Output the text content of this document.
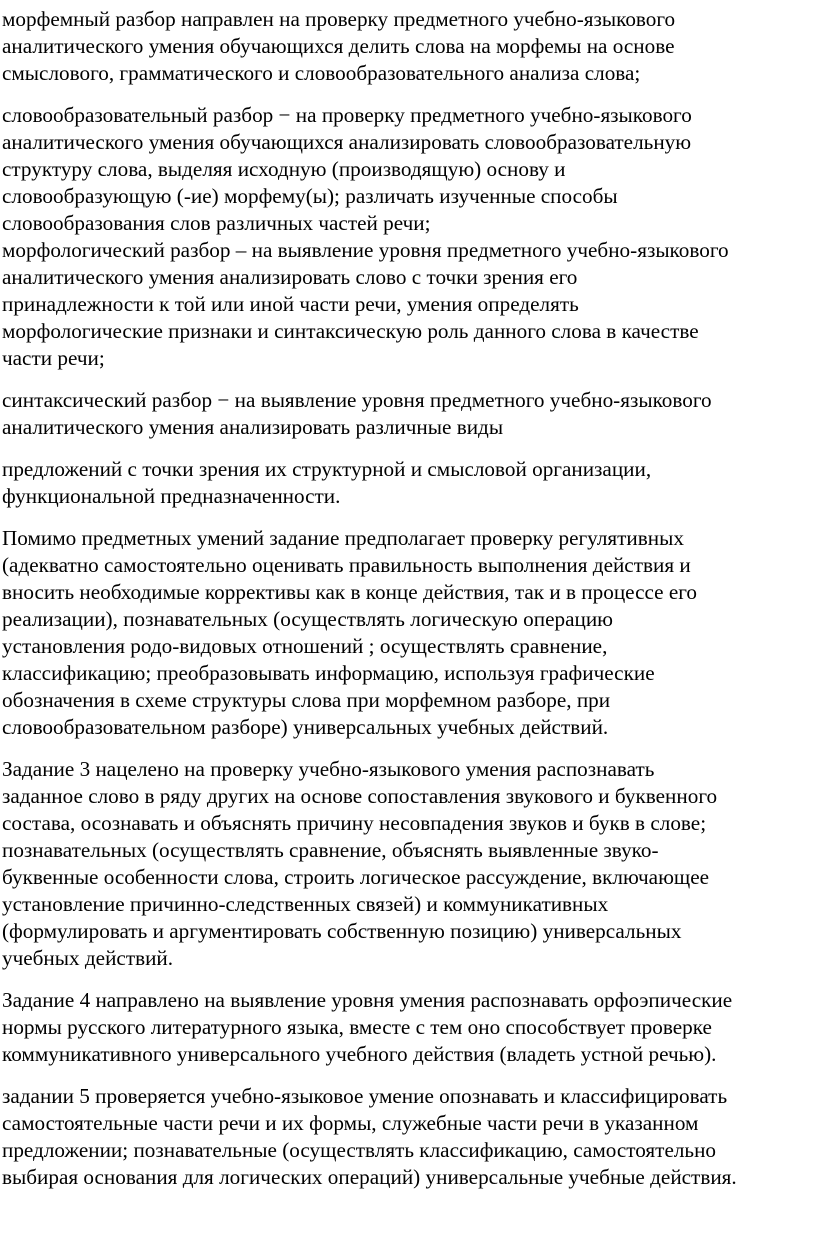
морфемный разбор направлен на проверку предметного учебно-языкового
аналитического умения обучающихся делить слова на морфемы на основе
смыслового, грамматического и словообразовательного анализа слова;

словообразовательный разбор − на проверку предметного учебно-языкового
аналитического умения обучающихся анализировать словообразовательную
структуру слова, выделяя исходную (производящую) основу и
словообразующую (-ие) морфему(ы); различать изученные способы
словообразования слов различных частей речи;

морфологический разбор – на выявление уровня предметного учебно-языкового
аналитического умения анализировать слово с точки зрения его
принадлежности к той или иной части речи, умения определять
морфологические признаки и синтаксическую роль данного слова в качестве
части речи;

синтаксический разбор − на выявление уровня предметного учебно-языкового
аналитического умения анализировать различные виды

предложений с точки зрения их структурной и смысловой организации,
функциональной предназначенности.

Помимо предметных умений задание предполагает проверку регулятивных
(адекватно самостоятельно оценивать правильность выполнения действия и
вносить необходимые коррективы как в конце действия, так и в процессе его
реализации), познавательных (осуществлять логическую операцию
установления родо-видовых отношений ; осуществлять сравнение,
классификацию; преобразовывать информацию, используя графические
обозначения в схеме структуры слова при морфемном разборе, при
словообразовательном разборе) универсальных учебных действий.

Задание 3 нацелено на проверку учебно-языкового умения распознавать
заданное слово в ряду других на основе сопоставления звукового и буквенного
состава, осознавать и объяснять причину несовпадения звуков и букв в слове;
познавательных (осуществлять сравнение, объяснять выявленные звуко-
буквенные особенности слова, строить логическое рассуждение, включающее
установление причинно-следственных связей) и коммуникативных
(формулировать и аргументировать собственную позицию) универсальных
учебных действий.

Задание 4 направлено на выявление уровня умения распознавать орфоэпические
нормы русского литературного языка, вместе с тем оно способствует проверке
коммуникативного универсального учебного действия (владеть устной речью).

задании 5 проверяется учебно-языковое умение опознавать и классифицировать
самостоятельные части речи и их формы, служебные части речи в указанном
предложении; познавательные (осуществлять классификацию, самостоятельно
выбирая основания для логических операций) универсальные учебные действия.
